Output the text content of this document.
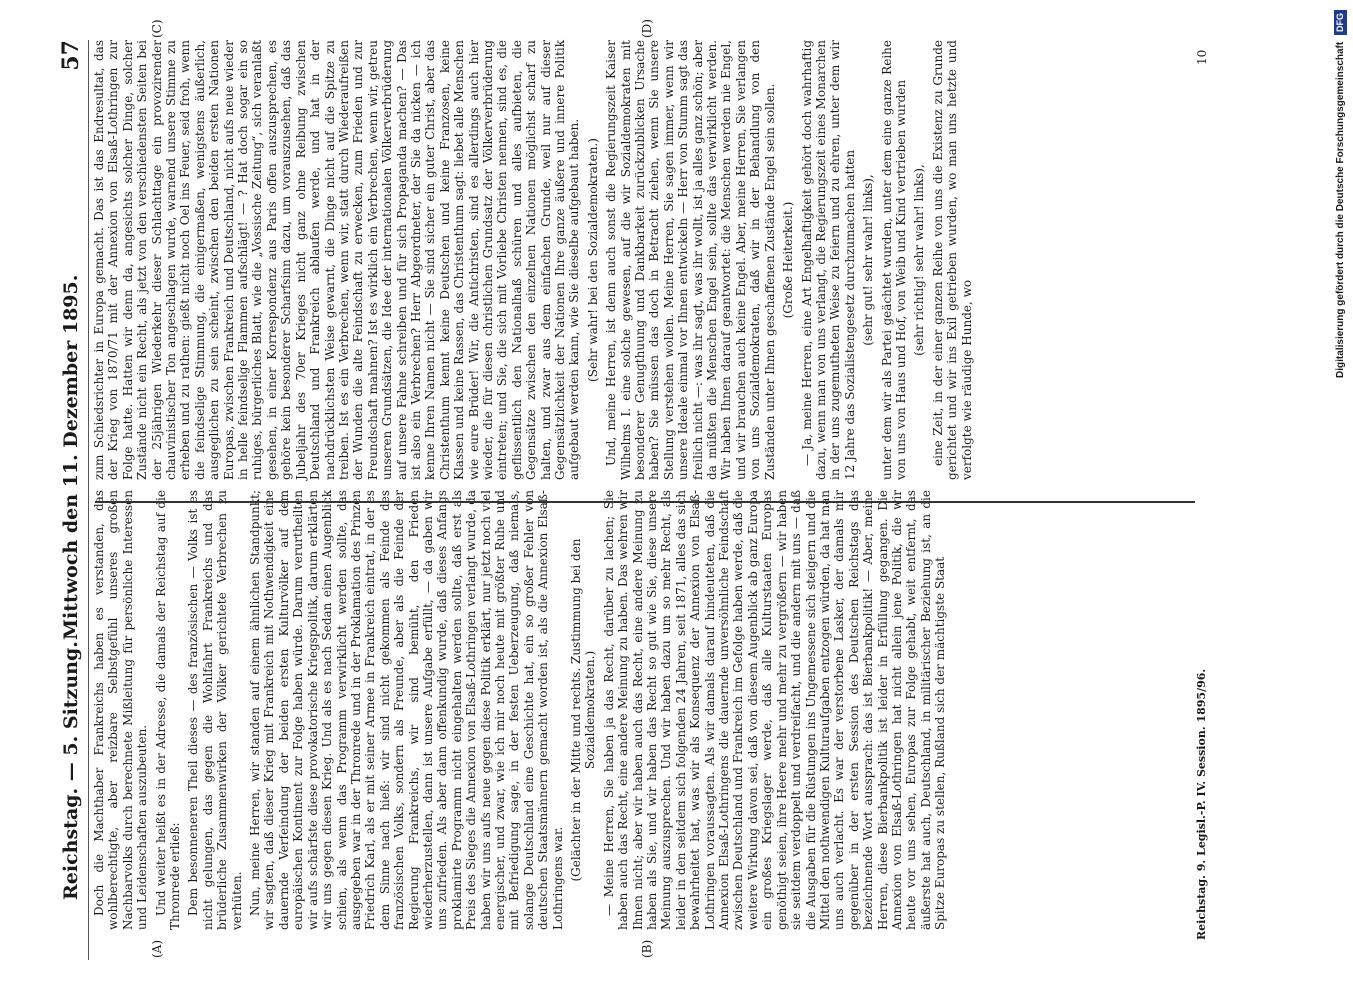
Reichstag. — 5. Sitzung.
Mittwoch den 11. Dezember 1895.
57
(A)	(B)
(C)	(D)

Doch die Machthaber Frankreichs haben es verstanden, das wohlberechtigte, aber reizbare Selbstgefühl unseres großen Nachbarvolks durch berechnete Mißleitung für persönliche Interessen und Leidenschaften auszubeuten. Und weiter heißt es in der Adresse, die damals der Reichstag auf die Thronrede erließ: Dem besonneneren Theil dieses — des französischen — Volks ist es nicht gelungen, das gegen die Wohlfahrt Frankreichs und das brüderliche Zusammenwirken der Völker gerichtete Verbrechen zu verhüten. Nun, meine Herren, wir standen auf einem ähnlichen Standpunkt; wir sagten, daß dieser Krieg mit Frankreich mit Nothwendigkeit eine dauernde Verfeindung der beiden ersten Kulturvölker auf dem europäischen Kontinent zur Folge haben würde. Darum verurtheilten wir aufs schärfste diese provokatorische Kriegspolitik, darum erklärten wir uns gegen diesen Krieg. Und als es nach Sedan einen Augenblick schien, als wenn das Programm verwirklicht werden sollte, das ausgegeben war in der Thronrede und in der Proklamation des Prinzen Friedrich Karl, als er mit seiner Armee in Frankreich eintrat, in der es dem Sinne nach hieß: wir sind nicht gekommen als Feinde des französischen Volks, sondern als Freunde, aber als die Feinde der Regierung Frankreichs, wir sind bemüht, den Frieden wiederherzustellen, dann ist unsere Aufgabe erfüllt, — da gaben wir uns zufrieden. Als aber dann offenkundig wurde, daß dieses Anfangs proklamirte Programm nicht eingehalten werden sollte, daß erst als Preis des Sieges die Annexion von Elsaß-Lothringen verlangt wurde, da haben wir uns aufs neue gegen diese Politik erklärt, nur jetzt noch viel energischer, und zwar, wie ich mir noch heute mit größter Ruhe und mit Befriedigung sage, in der festen Ueberzeugung, daß niemals, solange Deutschland eine Geschichte hat, ein so großer Fehler von deutschen Staatsmännern gemacht worden ist, als die Annexion Elsaß-Lothringens war. (Gelächter in der Mitte und rechts. Zustimmung bei den Sozialdemokraten.) — Meine Herren, Sie haben ja das Recht, darüber zu lachen; Sie haben auch das Recht, eine andere Meinung zu haben. Das wehren wir Ihnen nicht; aber wir haben auch das Recht, eine andere Meinung zu haben als Sie, und wir haben das Recht so gut wie Sie, diese unsere Meinung auszusprechen. Und wir haben dazu um so mehr Recht, als leider in den seitdem sich folgenden 24 Jahren, seit 1871, alles das sich bewahrheitet hat, was wir als Konsequenz der Annexion von Elsaß-Lothringen voraussagten. Als wir damals darauf hindeuteten, daß die Annexion Elsaß-Lothringens die dauernde unversöhnliche Feindschaft zwischen Deutschland und Frankreich im Gefolge haben werde, daß die weitere Wirkung davon sei, daß von diesem Augenblick ab ganz Europa ein großes Kriegslager werde, daß alle Kulturstaaten Europas genöthigt seien, ihre Heere mehr und mehr zu vergrößern — wir haben sie seitdem verdoppelt und verdreifacht, und die andern mit uns — daß die Ausgaben für die Rüstungen ins Ungemessene sich steigern und die Mittel den nothwendigen Kulturaufgaben entzogen würden, da hat man uns auch verlacht. Es war der verstorbene Lasker, der damals mir gegenüber in der ersten Session des Deutschen Reichstags das bezeichnende Wort aussprach: das ist Bierbankpolitik! — Aber, meine Herren, diese Bierbankpolitik ist leider in Erfüllung gegangen. Die Annexion von Elsaß-Lothringen hat nicht allein jene Politik, die wir heute vor uns sehen, Europas zur Folge gehabt, weit entfernt, das äußerste hat auch, Deutschland, in militärischer Beziehung ist, an die Spitze Europas zu stellen, Rußland sich der mächtigste Staat

zum Schiedsrichter in Europa gemacht. Das ist das Endresultat, das der Krieg von 1870/71 mit der Annexion von Elsaß-Lothringen zur Folge hatte. Hatten wir denn da, angesichts solcher Dinge, solcher Zustände nicht ein Recht, als jetzt von den verschiedensten Seiten bei der 25jährigen Wiederkehr dieser Schlachttage ein provozirender chauvinistischer Ton angeschlagen wurde, warnend unsere Stimme zu erheben und zu rathen: gießt nicht noch Oel ins Feuer, seid froh, wenn die feindselige Stimmung, die einigermaßen, wenigstens äußerlich, ausgeglichen zu sein scheint, zwischen den beiden ersten Nationen Europas, zwischen Frankreich und Deutschland, nicht aufs neue wieder in helle feindselige Flammen aufschlägt! — ? Hat doch sogar ein so ruhiges, bürgerliches Blatt, wie die „Vossische Zeitung“, sich veranlaßt gesehen, in einer Korrespondenz aus Paris offen auszusprechen, es gehöre kein besonderer Scharfsinn dazu, um vorauszusehen, daß das Jubeljahr des 70er Krieges nicht ganz ohne Reibung zwischen Deutschland und Frankreich ablaufen werde, und hat in der nachdrücklichsten Weise gewarnt, die Dinge nicht auf die Spitze zu treiben. Ist es ein Verbrechen, wenn wir, statt durch Wiederaufreißen der Wunden die alte Feindschaft zu erwecken, zum Frieden und zur Freundschaft mahnen? Ist es wirklich ein Verbrechen, wenn wir, getreu unseren Grundsätzen, die Idee der internationalen Völkerverbrüderung auf unsere Fahne schreiben und für sich Propaganda machen? — Das ist also ein Verbrechen? Herr Abgeordneter, der Sie da nicken — ich kenne Ihren Namen nicht — Sie sind sicher ein guter Christ, aber das Christenthum kennt keine Deutschen und keine Franzosen, keine Klassen und keine Rassen, das Christenthum sagt: liebet alle Menschen wie eure Brüder! Wir, die Antichristen, sind es allerdings auch hier wieder, die für diesen christlichen Grundsatz der Völkerverbrüderung eintreten; und Sie, die sich mit Vorliebe Christen nennen, sind es, die geflissentlich den Nationalhaß schüren und alles aufbieten, die Gegensätze zwischen den einzelnen Nationen möglichst scharf zu halten, und zwar aus dem einfachen Grunde, weil nur auf dieser Gegensätzlichkeit der Nationen Ihre ganze äußere und innere Politik aufgebaut werden kann, wie Sie dieselbe aufgebaut haben. (Sehr wahr! bei den Sozialdemokraten.) Und, meine Herren, ist denn auch sonst die Regierungszeit Kaiser Wilhelms I. eine solche gewesen, auf die wir Sozialdemokraten mit besonderer Genugthuung und Dankbarkeit zurückzublicken Ursache haben? Sie müssen das doch in Betracht ziehen, wenn Sie unsere Stellung verstehen wollen. Meine Herren, Sie sagen immer, wenn wir unsere Ideale einmal vor Ihnen entwickeln — Herr von Stumm sagt das freilich nicht —: was ihr sagt, was ihr wollt, ist ja alles ganz schön; aber da müßten die Menschen Engel sein, sollte das verwirklicht werden. Wir haben Ihnen darauf geantwortet: die Menschen werden nie Engel, und wir brauchen auch keine Engel. Aber, meine Herren, Sie verlangen von uns Sozialdemokraten, daß wir in der Behandlung von den Zuständen unter Ihnen geschaffenen Zustände Engel sein sollen. (Große Heiterkeit.) — Ja, meine Herren, eine Art Engelhaftigkeit gehört doch wahrhaftig dazu, wenn man von uns verlangt, die Regierungszeit eines Monarchen in der uns zugemutheten Weise zu feiern und zu ehren, unter dem wir 12 Jahre das Sozialistengesetz durchzumachen hatten (sehr gut! sehr wahr! links), unter dem wir als Partei geächtet wurden, unter dem eine ganze Reihe von uns von Haus und Hof, von Weib und Kind vertrieben wurden (sehr richtig! sehr wahr! links), eine Zeit, in der einer ganzen Reihe von uns die Existenz zu Grunde gerichtet und wir ins Exil getrieben wurden, wo man uns hetzte und verfolgte wie räudige Hunde, wo

Reichstag. 9. Legisl.-P. IV. Session. 1895/96.
10	Digitalisierung gefördert durch die Deutsche Forschungsgemeinschaft DFG
